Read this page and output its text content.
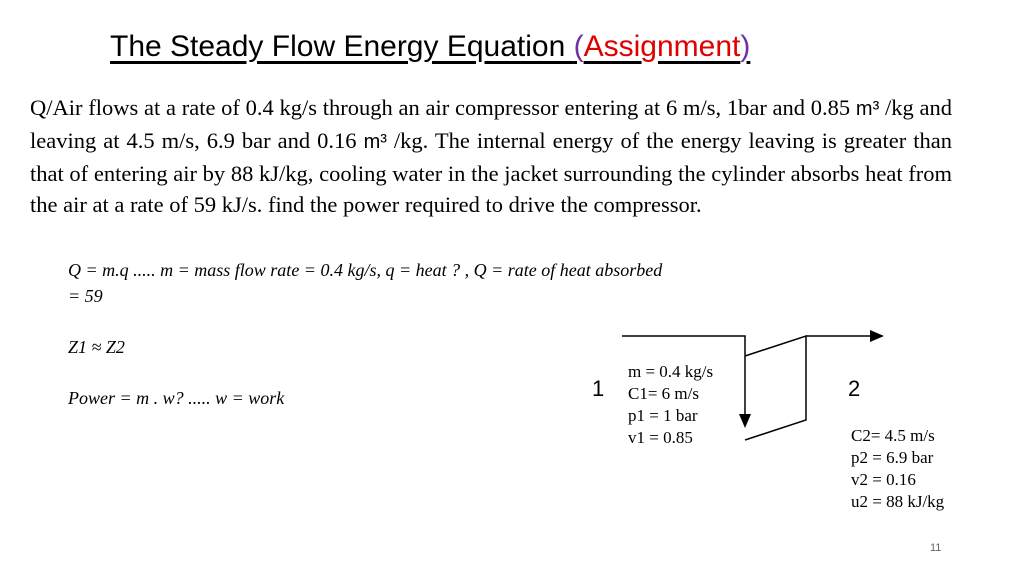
The Steady Flow Energy Equation (Assignment)
Q/Air flows at a rate of 0.4 kg/s through an air compressor entering at 6 m/s, 1bar and 0.85 m³ /kg and leaving at 4.5 m/s, 6.9 bar and 0.16 m³ /kg. The internal energy of the energy leaving is greater than that of entering air by 88 kJ/kg, cooling water in the jacket surrounding the cylinder absorbs heat from the air at a rate of 59 kJ/s. find the power required to drive the compressor.
Q = m.q ..... m = mass flow rate = 0.4 kg/s, q = heat ? , Q = rate of heat absorbed
= 59
Z1 ≈ Z2
Power = m . w? ..... w = work	1	2
m = 0.4 kg/s
C1= 6 m/s
p1 = 1 bar
v1 = 0.85	C2= 4.5 m/s
p2 = 6.9 bar
v2 = 0.16
u2 = 88 kJ/kg
11
